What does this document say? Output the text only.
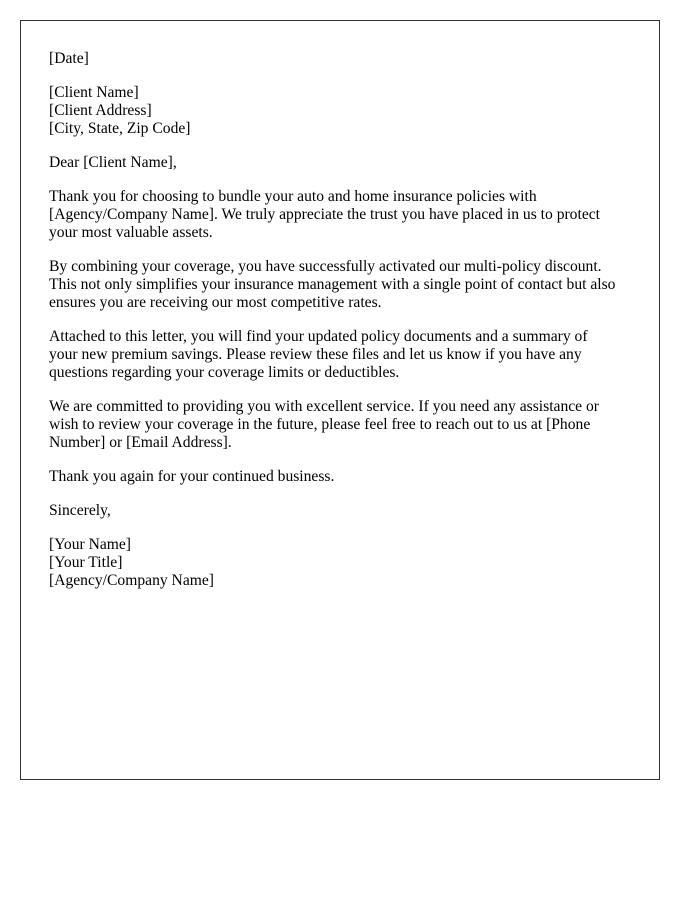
[Date]
[Client Name]
[Client Address]
[City, State, Zip Code]
Dear [Client Name],
Thank you for choosing to bundle your auto and home insurance policies with
[Agency/Company Name]. We truly appreciate the trust you have placed in us to protect
your most valuable assets.
By combining your coverage, you have successfully activated our multi-policy discount.
This not only simplifies your insurance management with a single point of contact but also
ensures you are receiving our most competitive rates.
Attached to this letter, you will find your updated policy documents and a summary of
your new premium savings. Please review these files and let us know if you have any
questions regarding your coverage limits or deductibles.
We are committed to providing you with excellent service. If you need any assistance or
wish to review your coverage in the future, please feel free to reach out to us at [Phone
Number] or [Email Address].
Thank you again for your continued business.
Sincerely,
[Your Name]
[Your Title]
[Agency/Company Name]
